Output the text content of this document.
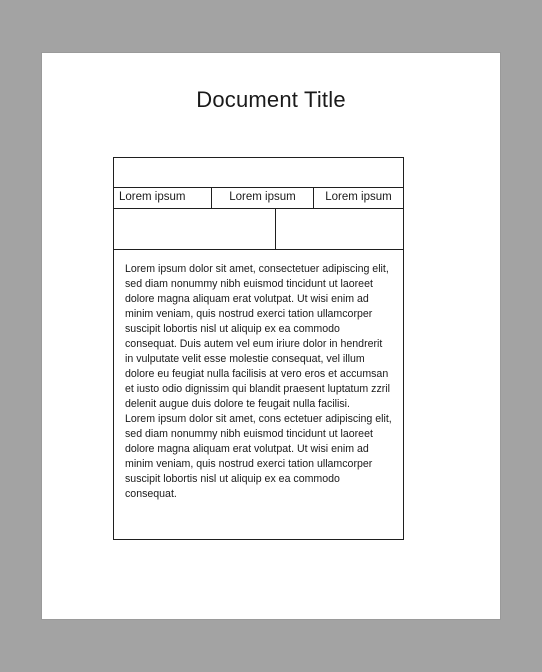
Document Title
Lorem ipsum	Lorem ipsum	Lorem ipsum

Lorem ipsum dolor sit amet, consectetuer adipiscing elit, sed diam nonummy nibh euismod tincidunt ut laoreet dolore magna aliquam erat volutpat. Ut wisi enim ad minim veniam, quis nostrud exerci tation ullamcorper suscipit lobortis nisl ut aliquip ex ea commodo consequat. Duis autem vel eum iriure dolor in hendrerit in vulputate velit esse molestie consequat, vel illum dolore eu feugiat nulla facilisis at vero eros et accumsan et iusto odio dignissim qui blandit praesent luptatum zzril delenit augue duis dolore te feugait nulla facilisi.

Lorem ipsum dolor sit amet, cons ectetuer adipiscing elit, sed diam nonummy nibh euismod tincidunt ut laoreet dolore magna aliquam erat volutpat. Ut wisi enim ad minim veniam, quis nostrud exerci tation ullamcorper suscipit lobortis nisl ut aliquip ex ea commodo consequat.
